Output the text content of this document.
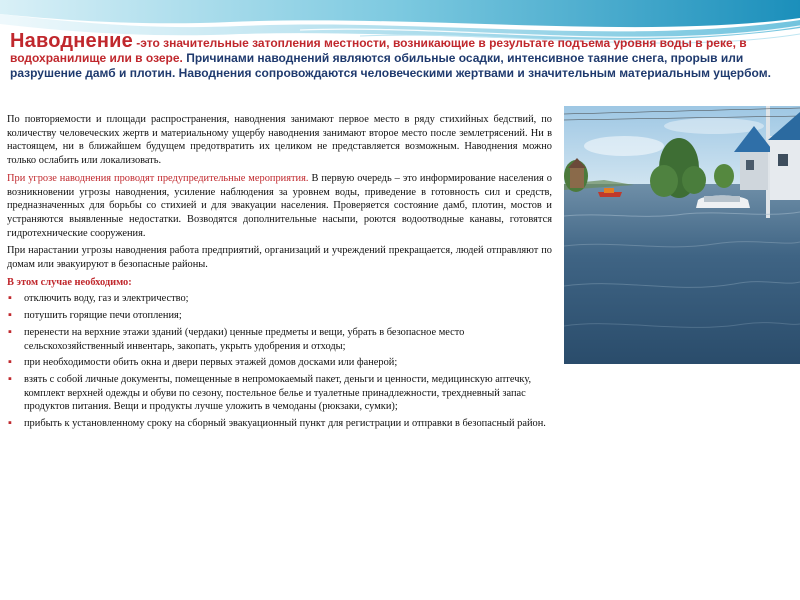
Наводнение -это значительные затопления местности, возникающие в результате подъема уровня воды в реке, в водохранилище или в озере. Причинами наводнений являются обильные осадки, интенсивное таяние снега, прорыв или разрушение дамб и плотин. Наводнения сопровождаются человеческими жертвами и значительным материальным ущербом.

По повторяемости и площади распространения, наводнения занимают первое место в ряду стихийных бедствий, по количеству человеческих жертв и материальному ущербу наводнения занимают второе место после землетрясений. Ни в настоящем, ни в ближайшем будущем предотвратить их целиком не представляется возможным. Наводнения можно только ослабить или локализовать.

При угрозе наводнения проводят предупредительные мероприятия. В первую очередь – это информирование населения о возникновении угрозы наводнения, усиление наблюдения за уровнем воды, приведение в готовность сил и средств, предназначенных для борьбы со стихией и для эвакуации населения. Проверяется состояние дамб, плотин, мостов и устраняются выявленные недостатки. Возводятся дополнительные насыпи, роются водоотводные канавы, готовятся гидротехнические сооружения.

При нарастании угрозы наводнения работа предприятий, организаций и учреждений прекращается, людей отправляют по домам или эвакуируют в безопасные районы.

В этом случае необходимо:
▪ отключить воду, газ и электричество;
▪ потушить горящие печи отопления;
▪ перенести на верхние этажи зданий (чердаки) ценные предметы и вещи, убрать в безопасное место сельскохозяйственный инвентарь, закопать, укрыть удобрения и отходы;
▪ при необходимости обить окна и двери первых этажей домов досками или фанерой;
▪ взять с собой личные документы, помещенные в непромокаемый пакет, деньги и ценности, медицинскую аптечку, комплект верхней одежды и обуви по сезону, постельное белье и туалетные принадлежности, трехдневный запас продуктов питания. Вещи и продукты лучше уложить в чемоданы (рюкзаки, сумки);
▪ прибыть к установленному сроку на сборный эвакуационный пункт для регистрации и отправки в безопасный район.
